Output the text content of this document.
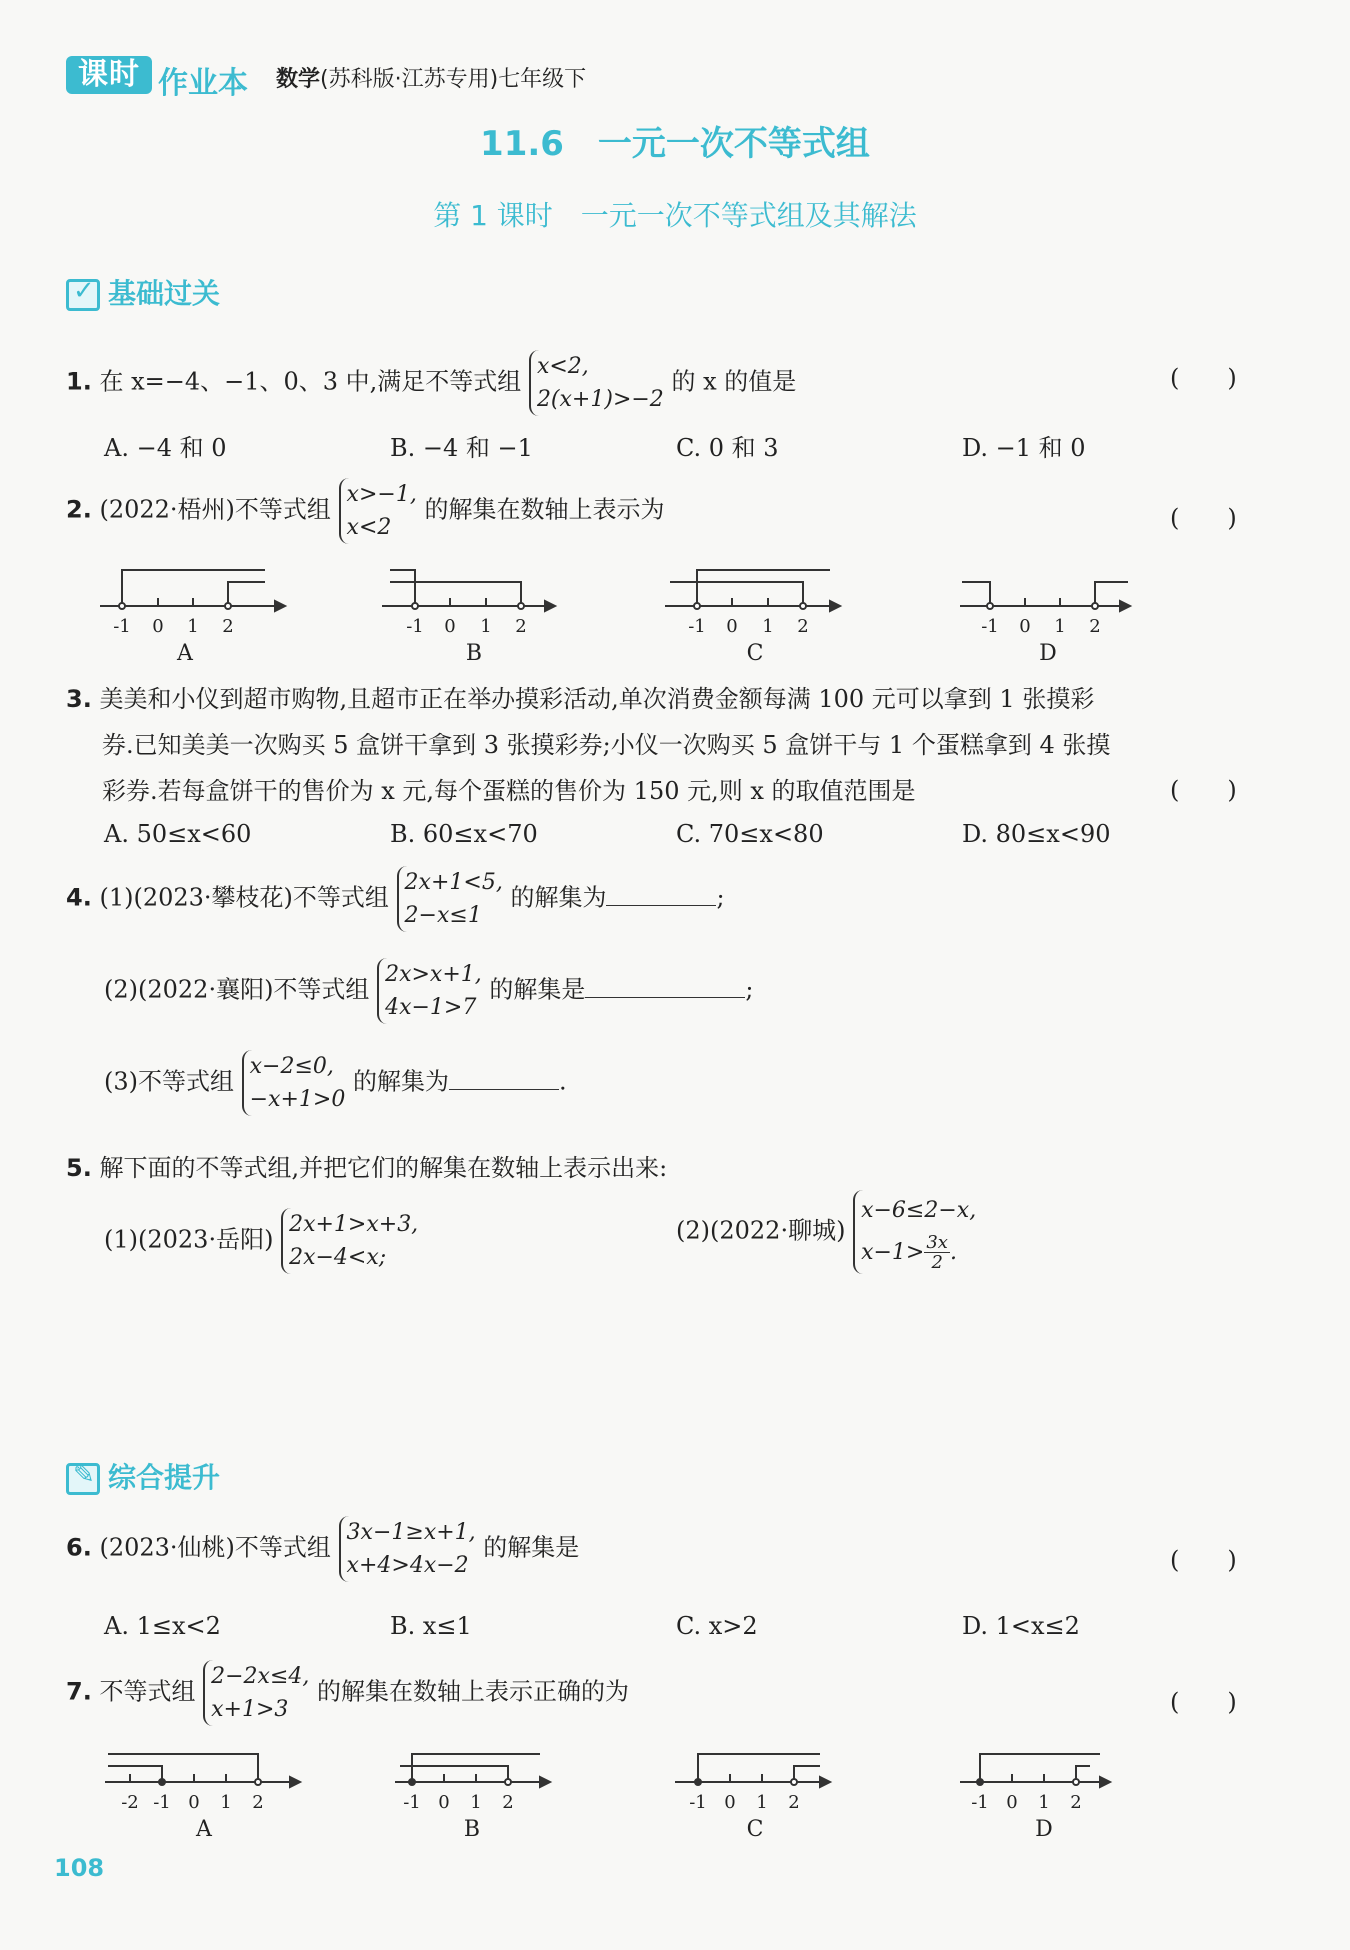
课时 作业本 数学(苏科版·江苏专用)七年级下
11.6　一元一次不等式组
第 1 课时　一元一次不等式组及其解法
✓ 基础过关
1. 在 x=−4、−1、0、3 中,满足不等式组 x<2,
2(x+1)>−2 的 x 的值是	(　　)
A. −4 和 0	B. −4 和 −1	C. 0 和 3	D. −1 和 0
2. (2022·梧州)不等式组 x>−1,
x<2 的解集在数轴上表示为	(　　)
-1 0 1 2	-1 0 1 2	-1 0 1 2	-1 0 1 2
A	B	C	D
3. 美美和小仪到超市购物,且超市正在举办摸彩活动,单次消费金额每满 100 元可以拿到 1 张摸彩
券.已知美美一次购买 5 盒饼干拿到 3 张摸彩券;小仪一次购买 5 盒饼干与 1 个蛋糕拿到 4 张摸
彩券.若每盒饼干的售价为 x 元,每个蛋糕的售价为 150 元,则 x 的取值范围是	(　　)
A. 50≤x<60	B. 60≤x<70	C. 70≤x<80	D. 80≤x<90
4. (1)(2023·攀枝花)不等式组 2x+1<5,
2−x≤1 的解集为	;
(2)(2022·襄阳)不等式组 2x>x+1,
4x−1>7 的解集是	;
(3)不等式组 x−2≤0,
−x+1>0 的解集为	.
5. 解下面的不等式组,并把它们的解集在数轴上表示出来:
(1)(2023·岳阳) 2x+1>x+3,
2x−4<x;
(2)(2022·聊城) x−6≤2−x,
$x-1> \frac{3x}{2}$ .
✎ 综合提升
6. (2023·仙桃)不等式组 3x−1≥x+1,
x+4>4x−2 的解集是	(　　)
A. 1≤x<2	B. x≤1	C. x>2	D. 1<x≤2
7. 不等式组 2−2x≤4,
x+1>3 的解集在数轴上表示正确的为	(　　)
-2 -1 0 1 2	-1 0 1 2	-1 0 1 2	-1 0 1 2
A	B	C	D
108
